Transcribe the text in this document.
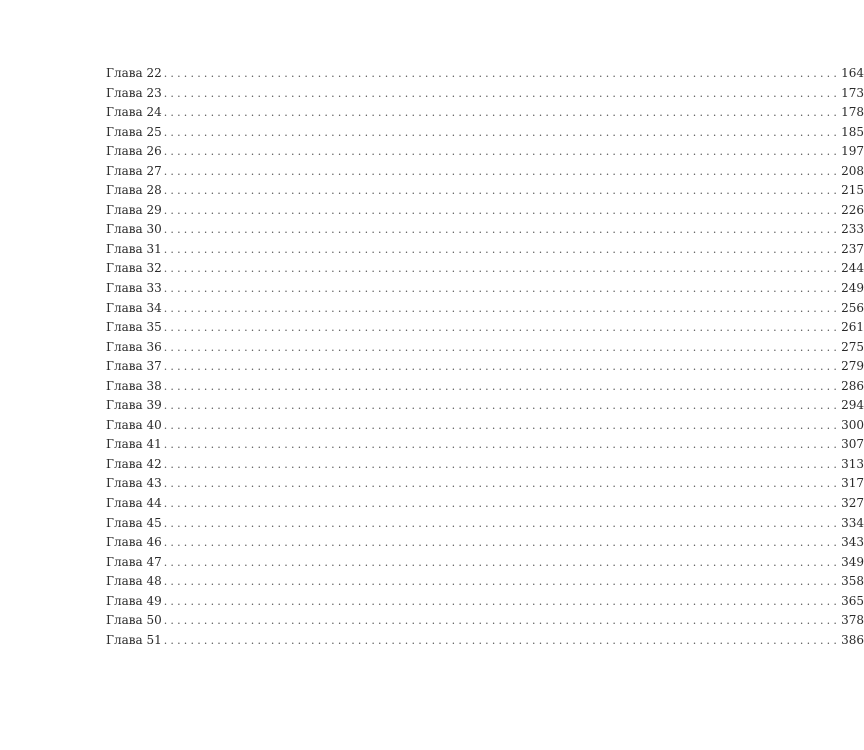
Глава 22 ..................................................................................................... 164
Глава 23 ..................................................................................................... 173
Глава 24 ..................................................................................................... 178
Глава 25 ..................................................................................................... 185
Глава 26 ..................................................................................................... 197
Глава 27 ..................................................................................................... 208
Глава 28 ..................................................................................................... 215
Глава 29 ..................................................................................................... 226
Глава 30 ..................................................................................................... 233
Глава 31 ..................................................................................................... 237
Глава 32 ..................................................................................................... 244
Глава 33 ..................................................................................................... 249
Глава 34 ..................................................................................................... 256
Глава 35 ..................................................................................................... 261
Глава 36 ..................................................................................................... 275
Глава 37 ..................................................................................................... 279
Глава 38 ..................................................................................................... 286
Глава 39 ..................................................................................................... 294
Глава 40 ..................................................................................................... 300
Глава 41 ..................................................................................................... 307
Глава 42 ..................................................................................................... 313
Глава 43 ..................................................................................................... 317
Глава 44 ..................................................................................................... 327
Глава 45 ..................................................................................................... 334
Глава 46 ..................................................................................................... 343
Глава 47 ..................................................................................................... 349
Глава 48 ..................................................................................................... 358
Глава 49 ..................................................................................................... 365
Глава 50 ..................................................................................................... 378
Глава 51 ..................................................................................................... 386
